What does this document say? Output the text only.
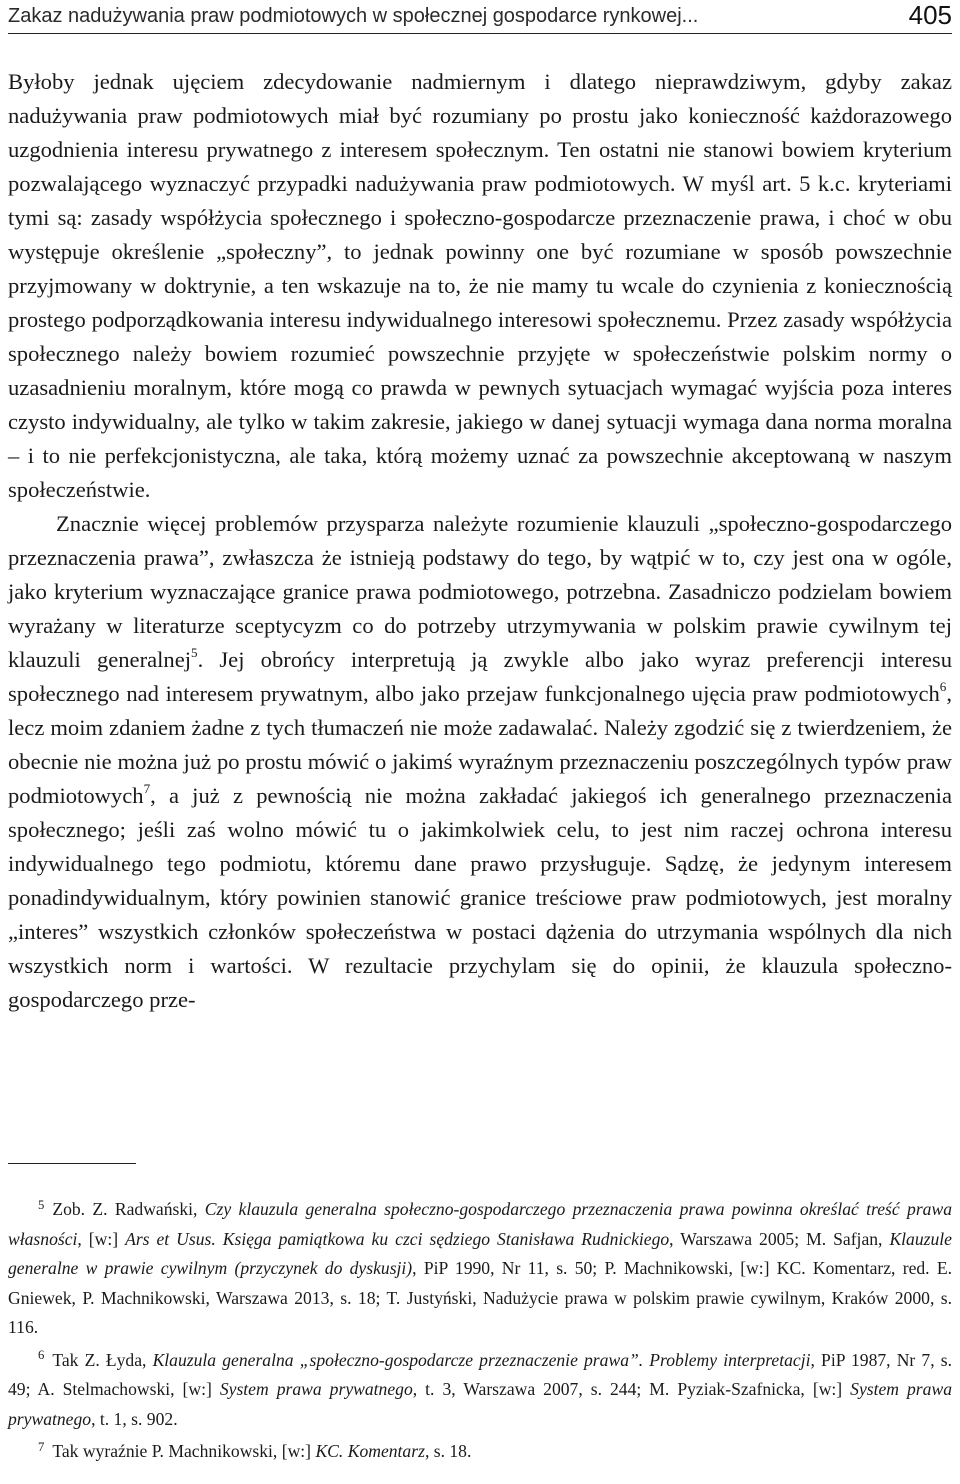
Zakaz nadużywania praw podmiotowych w społecznej gospodarce rynkowej...	405

Byłoby jednak ujęciem zdecydowanie nadmiernym i dlatego nieprawdziwym, gdyby zakaz nadużywania praw podmiotowych miał być rozumiany po prostu jako konieczność każdorazowego uzgodnienia interesu prywatnego z interesem społecznym. Ten ostatni nie stanowi bowiem kryterium pozwalającego wyznaczyć przypadki nadużywania praw podmiotowych. W myśl art. 5 k.c. kryteriami tymi są: zasady współżycia społecznego i społeczno-gospodarcze przeznaczenie prawa, i choć w obu występuje określenie „społeczny”, to jednak powinny one być rozumiane w sposób powszechnie przyjmowany w doktrynie, a ten wskazuje na to, że nie mamy tu wcale do czynienia z koniecznością prostego podporządkowania interesu indywidualnego interesowi społecznemu. Przez zasady współżycia społecznego należy bowiem rozumieć powszechnie przyjęte w społeczeństwie polskim normy o uzasadnieniu moralnym, które mogą co prawda w pewnych sytuacjach wymagać wyjścia poza interes czysto indywidualny, ale tylko w takim zakresie, jakiego w danej sytuacji wymaga dana norma moralna – i to nie perfekcjonistyczna, ale taka, którą możemy uznać za powszechnie akceptowaną w naszym społeczeństwie.

Znacznie więcej problemów przysparza należyte rozumienie klauzuli „społeczno-gospodarczego przeznaczenia prawa”, zwłaszcza że istnieją podstawy do tego, by wątpić w to, czy jest ona w ogóle, jako kryterium wyznaczające granice prawa podmiotowego, potrzebna. Zasadniczo podzielam bowiem wyrażany w literaturze sceptycyzm co do potrzeby utrzymywania w polskim prawie cywilnym tej klauzuli generalnej$^5$. Jej obrońcy interpretują ją zwykle albo jako wyraz preferencji interesu społecznego nad interesem prywatnym, albo jako przejaw funkcjonalnego ujęcia praw podmiotowych$^6$, lecz moim zdaniem żadne z tych tłumaczeń nie może zadawalać. Należy zgodzić się z twierdzeniem, że obecnie nie można już po prostu mówić o jakimś wyraźnym przeznaczeniu poszczególnych typów praw podmiotowych$^7$, a już z pewnością nie można zakładać jakiegoś ich generalnego przeznaczenia społecznego; jeśli zaś wolno mówić tu o jakimkolwiek celu, to jest nim raczej ochrona interesu indywidualnego tego podmiotu, któremu dane prawo przysługuje. Sądzę, że jedynym interesem ponadindywidualnym, który powinien stanowić granice treściowe praw podmiotowych, jest moralny „interes” wszystkich członków społeczeństwa w postaci dążenia do utrzymania wspólnych dla nich wszystkich norm i wartości. W rezultacie przychylam się do opinii, że klauzula społeczno-gospodarczego prze-

$^5$ Zob. Z. Radwański, Czy klauzula generalna społeczno-gospodarczego przeznaczenia prawa powinna określać treść prawa własności, [w:] Ars et Usus. Księga pamiątkowa ku czci sędziego Stanisława Rudnickiego, Warszawa 2005; M. Safjan, Klauzule generalne w prawie cywilnym (przyczynek do dyskusji), PiP 1990, Nr 11, s. 50; P. Machnikowski, [w:] KC. Komentarz, red. E. Gniewek, P. Machnikowski, Warszawa 2013, s. 18; T. Justyński, Nadużycie prawa w polskim prawie cywilnym, Kraków 2000, s. 116.

$^6$ Tak Z. Łyda, Klauzula generalna „społeczno-gospodarcze przeznaczenie prawa”. Problemy interpretacji, PiP 1987, Nr 7, s. 49; A. Stelmachowski, [w:] System prawa prywatnego, t. 3, Warszawa 2007, s. 244; M. Pyziak-Szafnicka, [w:] System prawa prywatnego, t. 1, s. 902.

$^7$ Tak wyraźnie P. Machnikowski, [w:] KC. Komentarz, s. 18.
